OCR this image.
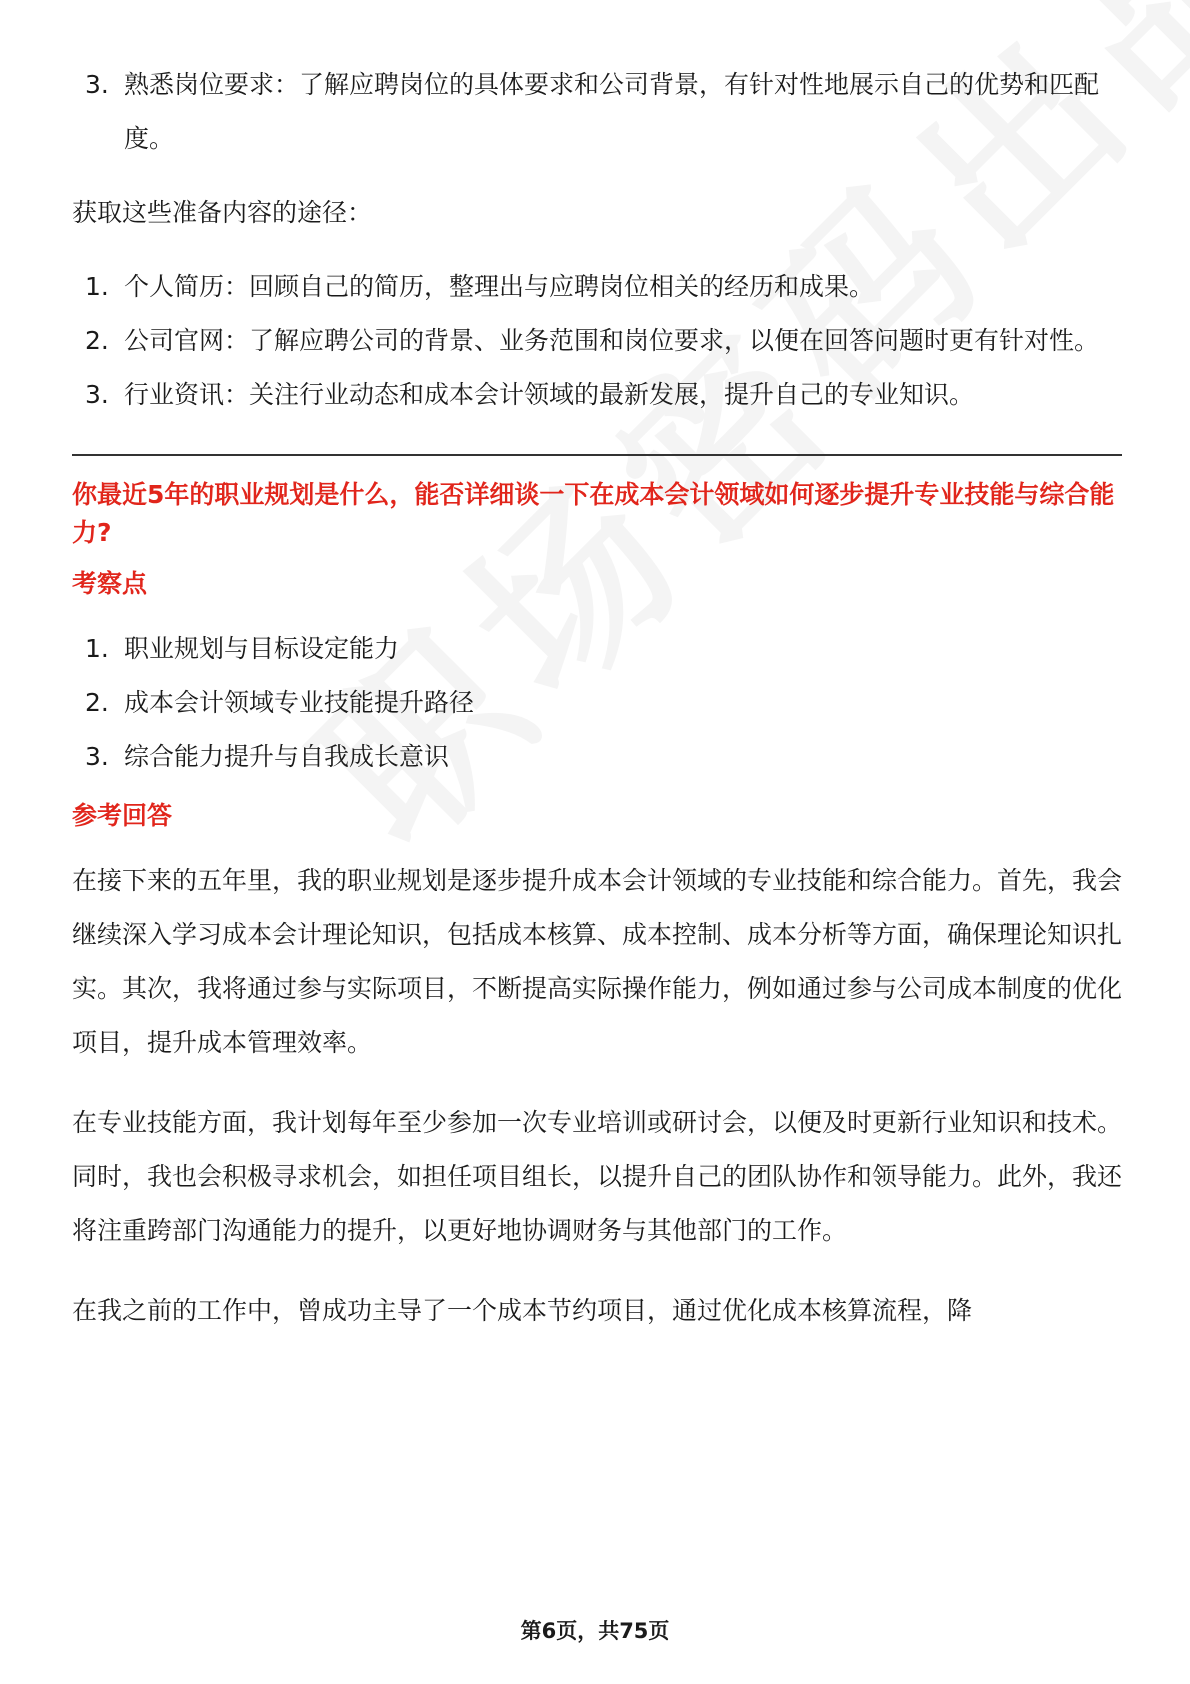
3. 熟悉岗位要求：了解应聘岗位的具体要求和公司背景，有针对性地展示自己的优势和匹配度。

获取这些准备内容的途径：

1. 个人简历：回顾自己的简历，整理出与应聘岗位相关的经历和成果。
2. 公司官网：了解应聘公司的背景、业务范围和岗位要求，以便在回答问题时更有针对性。
3. 行业资讯：关注行业动态和成本会计领域的最新发展，提升自己的专业知识。

你最近5年的职业规划是什么，能否详细谈一下在成本会计领域如何逐步提升专业技能与综合能力?

考察点

1. 职业规划与目标设定能力
2. 成本会计领域专业技能提升路径
3. 综合能力提升与自我成长意识

参考回答

在接下来的五年里，我的职业规划是逐步提升成本会计领域的专业技能和综合能力。首先，我会继续深入学习成本会计理论知识，包括成本核算、成本控制、成本分析等方面，确保理论知识扎实。其次，我将通过参与实际项目，不断提高实际操作能力，例如通过参与公司成本制度的优化项目，提升成本管理效率。

在专业技能方面，我计划每年至少参加一次专业培训或研讨会，以便及时更新行业知识和技术。同时，我也会积极寻求机会，如担任项目组长，以提升自己的团队协作和领导能力。此外，我还将注重跨部门沟通能力的提升，以更好地协调财务与其他部门的工作。

在我之前的工作中，曾成功主导了一个成本节约项目，通过优化成本核算流程，降

第6页，共75页
